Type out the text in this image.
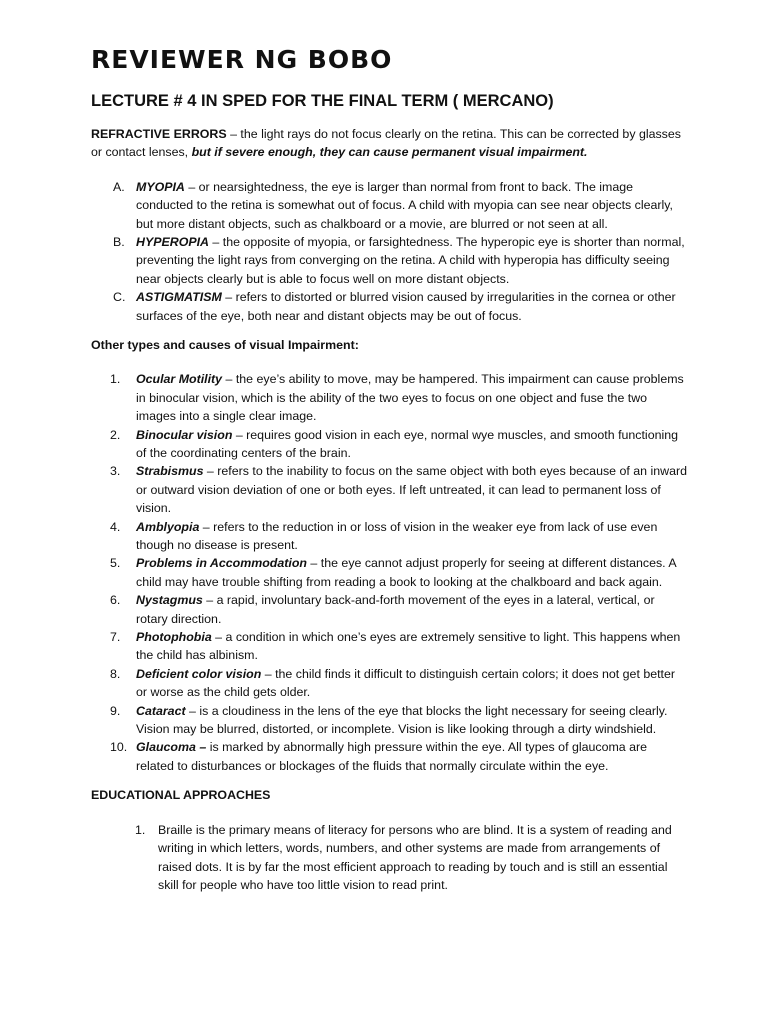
REVIEWER NG BOBO
LECTURE # 4 IN SPED FOR THE FINAL TERM ( MERCANO)

REFRACTIVE ERRORS – the light rays do not focus clearly on the retina. This can be corrected by glasses or contact lenses, but if severe enough, they can cause permanent visual impairment.

A. MYOPIA – or nearsightedness, the eye is larger than normal from front to back. The image conducted to the retina is somewhat out of focus. A child with myopia can see near objects clearly, but more distant objects, such as chalkboard or a movie, are blurred or not seen at all.
B. HYPEROPIA – the opposite of myopia, or farsightedness. The hyperopic eye is shorter than normal, preventing the light rays from converging on the retina. A child with hyperopia has difficulty seeing near objects clearly but is able to focus well on more distant objects.
C. ASTIGMATISM – refers to distorted or blurred vision caused by irregularities in the cornea or other surfaces of the eye, both near and distant objects may be out of focus.

Other types and causes of visual Impairment:

1. Ocular Motility – the eye’s ability to move, may be hampered. This impairment can cause problems in binocular vision, which is the ability of the two eyes to focus on one object and fuse the two images into a single clear image.
2. Binocular vision – requires good vision in each eye, normal wye muscles, and smooth functioning of the coordinating centers of the brain.
3. Strabismus – refers to the inability to focus on the same object with both eyes because of an inward or outward vision deviation of one or both eyes. If left untreated, it can lead to permanent loss of vision.
4. Amblyopia – refers to the reduction in or loss of vision in the weaker eye from lack of use even though no disease is present.
5. Problems in Accommodation – the eye cannot adjust properly for seeing at different distances. A child may have trouble shifting from reading a book to looking at the chalkboard and back again.
6. Nystagmus – a rapid, involuntary back-and-forth movement of the eyes in a lateral, vertical, or rotary direction.
7. Photophobia – a condition in which one’s eyes are extremely sensitive to light. This happens when the child has albinism.
8. Deficient color vision – the child finds it difficult to distinguish certain colors; it does not get better or worse as the child gets older.
9. Cataract – is a cloudiness in the lens of the eye that blocks the light necessary for seeing clearly. Vision may be blurred, distorted, or incomplete. Vision is like looking through a dirty windshield.
10. Glaucoma – is marked by abnormally high pressure within the eye. All types of glaucoma are related to disturbances or blockages of the fluids that normally circulate within the eye.

EDUCATIONAL APPROACHES

1. Braille is the primary means of literacy for persons who are blind. It is a system of reading and writing in which letters, words, numbers, and other systems are made from arrangements of raised dots. It is by far the most efficient approach to reading by touch and is still an essential skill for people who have too little vision to read print.
